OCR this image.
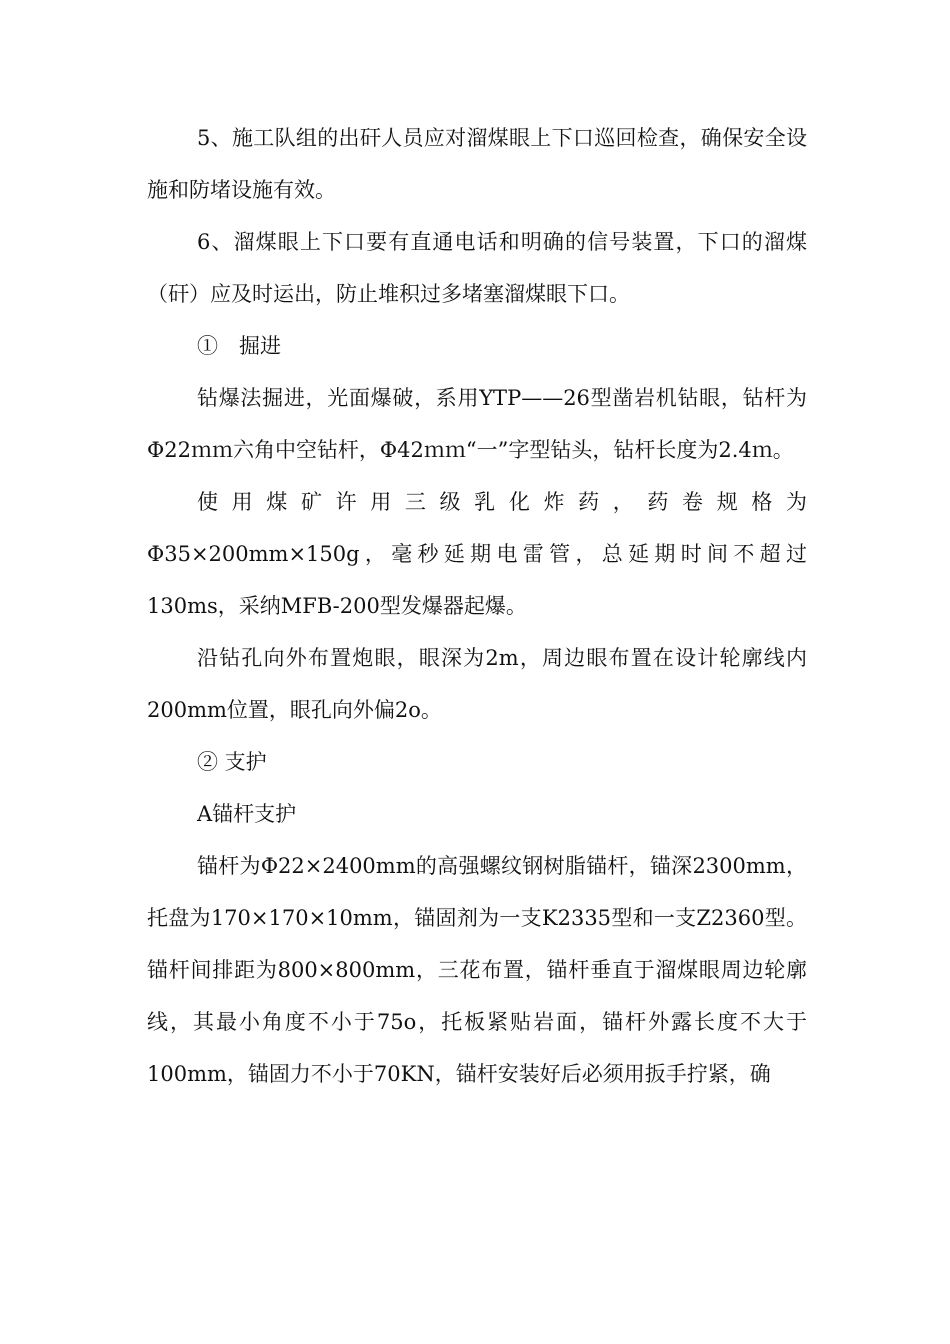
5、施工队组的出矸人员应对溜煤眼上下口巡回检查，确保安全设施和防堵设施有效。

6、溜煤眼上下口要有直通电话和明确的信号装置，下口的溜煤（矸）应及时运出，防止堆积过多堵塞溜煤眼下口。

①　掘进

钻爆法掘进，光面爆破，系用YTP——26型凿岩机钻眼，钻杆为Φ22ｍｍ六角中空钻杆，Φ42ｍｍ“一”字型钻头，钻杆长度为2.4ｍ。

使用煤矿许用三级乳化炸药，药卷规格为Φ35×200mm×150g，毫秒延期电雷管，总延期时间不超过130ms，采纳MFB-200型发爆器起爆。

沿钻孔向外布置炮眼，眼深为2m，周边眼布置在设计轮廓线内200mm位置，眼孔向外偏2o。

② 支护

A锚杆支护

锚杆为Φ22×2400mm的高强螺纹钢树脂锚杆，锚深2300mm，托盘为170×170×10mm，锚固剂为一支K2335型和一支Z2360型。锚杆间排距为800×800mm，三花布置，锚杆垂直于溜煤眼周边轮廓线，其最小角度不小于75o，托板紧贴岩面，锚杆外露长度不大于100mm，锚固力不小于70KN，锚杆安装好后必须用扳手拧紧，确
